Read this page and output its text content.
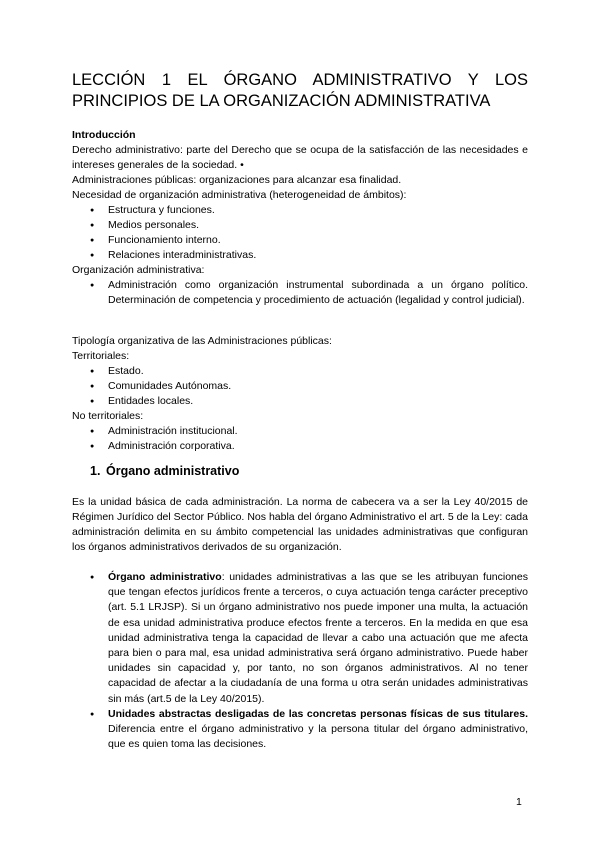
LECCIÓN 1 EL ÓRGANO ADMINISTRATIVO Y LOS PRINCIPIOS DE LA ORGANIZACIÓN ADMINISTRATIVA

Introducción

Derecho administrativo: parte del Derecho que se ocupa de la satisfacción de las necesidades e intereses generales de la sociedad. •

Administraciones públicas: organizaciones para alcanzar esa finalidad.

Necesidad de organización administrativa (heterogeneidad de ámbitos):

● Estructura y funciones.
● Medios personales.
● Funcionamiento interno.
● Relaciones interadministrativas.

Organización administrativa:

● Administración como organización instrumental subordinada a un órgano político. Determinación de competencia y procedimiento de actuación (legalidad y control judicial).

Tipología organizativa de las Administraciones públicas:

Territoriales:

● Estado.
● Comunidades Autónomas.
● Entidades locales.

No territoriales:

● Administración institucional.
● Administración corporativa.
1. Órgano administrativo
Es la unidad básica de cada administración. La norma de cabecera va a ser la Ley 40/2015 de Régimen Jurídico del Sector Público. Nos habla del órgano Administrativo el art. 5 de la Ley: cada administración delimita en su ámbito competencial las unidades administrativas que configuran los órganos administrativos derivados de su organización.
● Órgano administrativo: unidades administrativas a las que se les atribuyan funciones que tengan efectos jurídicos frente a terceros, o cuya actuación tenga carácter preceptivo (art. 5.1 LRJSP). Si un órgano administrativo nos puede imponer una multa, la actuación de esa unidad administrativa produce efectos frente a terceros. En la medida en que esa unidad administrativa tenga la capacidad de llevar a cabo una actuación que me afecta para bien o para mal, esa unidad administrativa será órgano administrativo. Puede haber unidades sin capacidad y, por tanto, no son órganos administrativos. Al no tener capacidad de afectar a la ciudadanía de una forma u otra serán unidades administrativas sin más (art.5 de la Ley 40/2015).
● Unidades abstractas desligadas de las concretas personas físicas de sus titulares. Diferencia entre el órgano administrativo y la persona titular del órgano administrativo, que es quien toma las decisiones.
1
